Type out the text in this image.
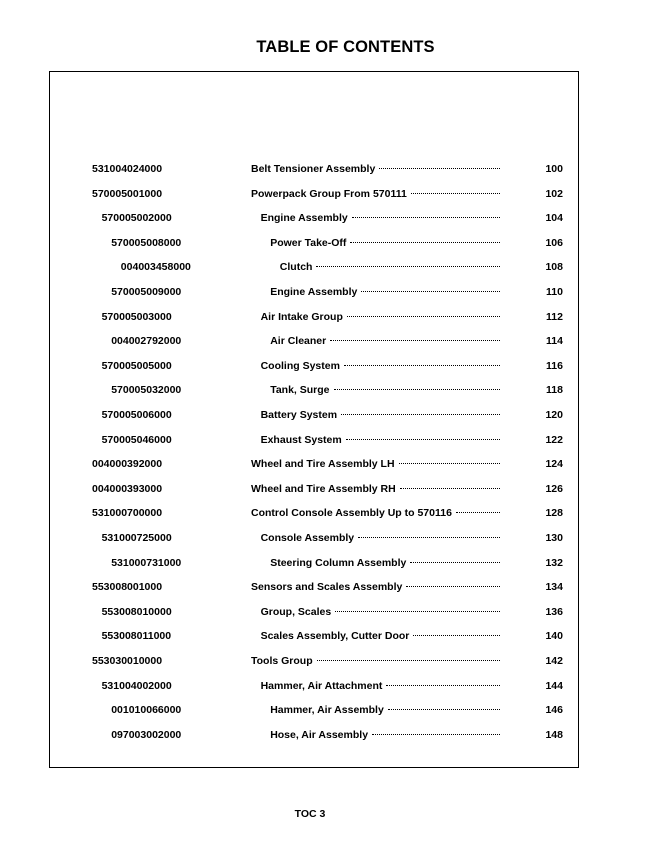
TABLE OF CONTENTS
531004024000	Belt Tensioner Assembly	100
570005001000	Powerpack Group From 570111	102
570005002000	Engine Assembly	104
570005008000	Power Take-Off	106
004003458000	Clutch	108
570005009000	Engine Assembly	110
570005003000	Air Intake Group	112
004002792000	Air Cleaner	114
570005005000	Cooling System	116
570005032000	Tank, Surge	118
570005006000	Battery System	120
570005046000	Exhaust System	122
004000392000	Wheel and Tire Assembly LH	124
004000393000	Wheel and Tire Assembly RH	126
531000700000	Control Console Assembly Up to 570116	128
531000725000	Console Assembly	130
531000731000	Steering Column Assembly	132
553008001000	Sensors and Scales Assembly	134
553008010000	Group, Scales	136
553008011000	Scales Assembly, Cutter Door	140
553030010000	Tools Group	142
531004002000	Hammer, Air Attachment	144
001010066000	Hammer, Air Assembly	146
097003002000	Hose, Air Assembly	148
TOC 3
